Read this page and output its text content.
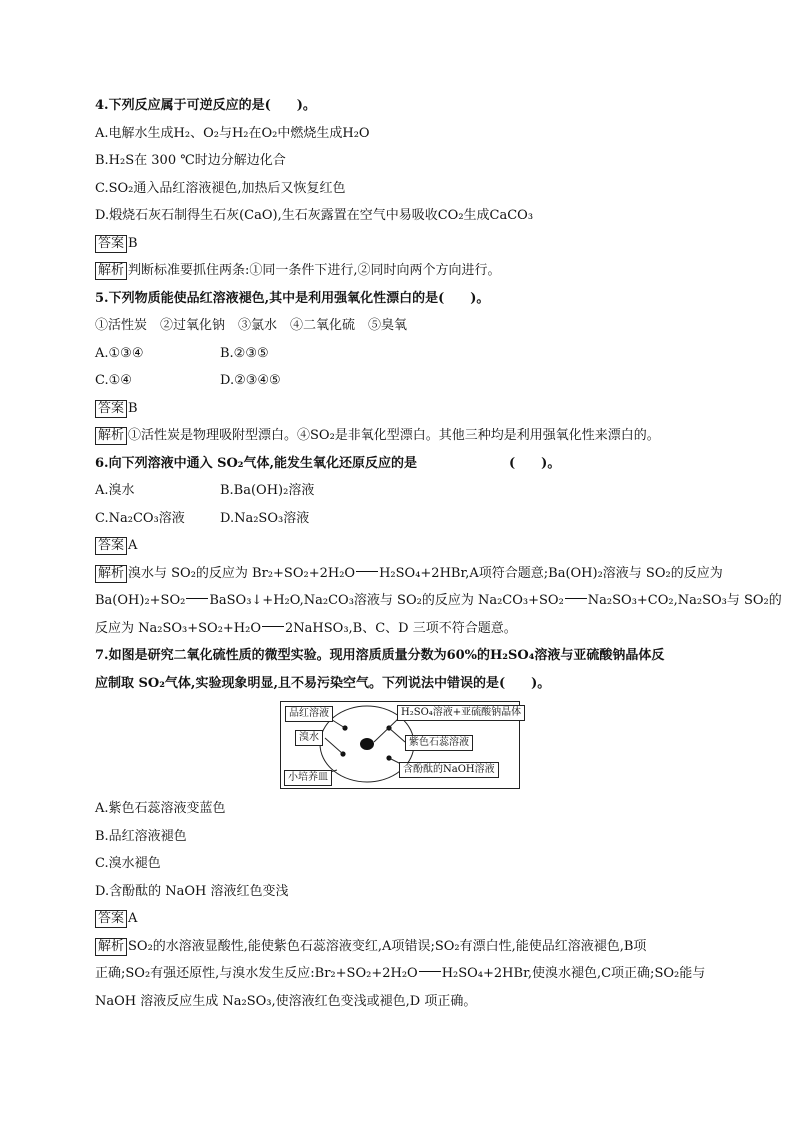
4.下列反应属于可逆反应的是(　　)。
A.电解水生成H₂、O₂与H₂在O₂中燃烧生成H₂O
B.H₂S在 300 ℃时边分解边化合
C.SO₂通入品红溶液褪色,加热后又恢复红色
D.煅烧石灰石制得生石灰(CaO),生石灰露置在空气中易吸收CO₂生成CaCO₃
答案 B
解析 判断标准要抓住两条:①同一条件下进行,②同时向两个方向进行。
5.下列物质能使品红溶液褪色,其中是利用强氧化性漂白的是(　　)。
①活性炭　②过氧化钠　③氯水　④二氧化硫　⑤臭氧
A.①③④	B.②③⑤
C.①④	D.②③④⑤
答案 B
解析 ①活性炭是物理吸附型漂白。④SO₂是非氧化型漂白。其他三种均是利用强氧化性来漂白的。
6.向下列溶液中通入 SO₂气体,能发生氧化还原反应的是	(　　)。
A.溴水	B.Ba(OH)₂溶液
C.Na₂CO₃溶液	D.Na₂SO₃溶液
答案 A
解析 溴水与 SO₂的反应为 Br₂+SO₂+2H₂O H₂SO₄+2HBr,A项符合题意;Ba(OH)₂溶液与 SO₂的反应为
Ba(OH)₂+SO₂ BaSO₃↓+H₂O,Na₂CO₃溶液与 SO₂的反应为 Na₂CO₃+SO₂ Na₂SO₃+CO₂,Na₂SO₃与 SO₂的
反应为 Na₂SO₃+SO₂+H₂O 2NaHSO₃,B、C、D 三项不符合题意。
7.如图是研究二氧化硫性质的微型实验。现用溶质质量分数为60%的H₂SO₄溶液与亚硫酸钠晶体反
应制取 SO₂气体,实验现象明显,且不易污染空气。下列说法中错误的是(　　)。
品红溶液	H₂SO₄溶液+亚硫酸钠晶体
溴水	紫色石蕊溶液
含酚酞的NaOH溶液
小培养皿
A.紫色石蕊溶液变蓝色
B.品红溶液褪色
C.溴水褪色
D.含酚酞的 NaOH 溶液红色变浅
答案 A
解析 SO₂的水溶液显酸性,能使紫色石蕊溶液变红,A项错误;SO₂有漂白性,能使品红溶液褪色,B项
正确;SO₂有强还原性,与溴水发生反应:Br₂+SO₂+2H₂O H₂SO₄+2HBr,使溴水褪色,C项正确;SO₂能与
NaOH 溶液反应生成 Na₂SO₃,使溶液红色变浅或褪色,D 项正确。
